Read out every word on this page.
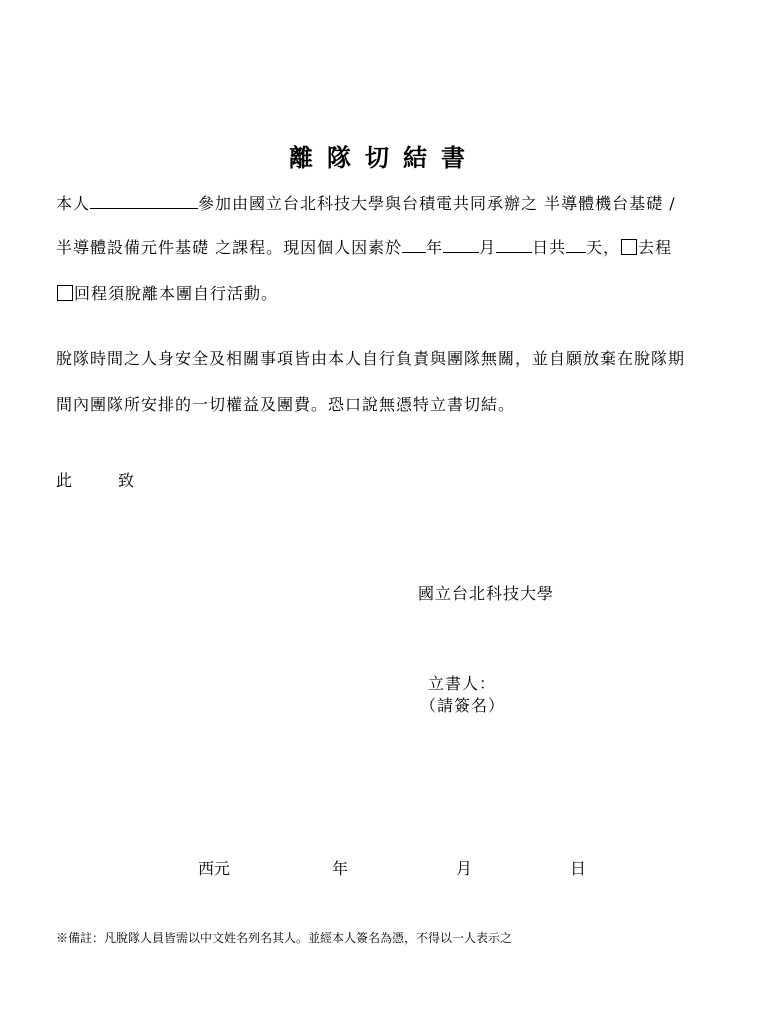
離隊切結書
本人	參加由國立台北科技大學與台積電共同承辦之 半導體機台基礎 /
半導體設備元件基礎 之課程。現因個人因素於 年 月 日共 天， 去程
回程須脫離本團自行活動。
脫隊時間之人身安全及相關事項皆由本人自行負責與團隊無關，並自願放棄在脫隊期
間內團隊所安排的一切權益及團費。恐口說無憑特立書切結。
此	致
國立台北科技大學
立書人：
（請簽名）
西元	年	月	日
※備註：凡脫隊人員皆需以中文姓名列名其人。並經本人簽名為憑，不得以一人表示之
